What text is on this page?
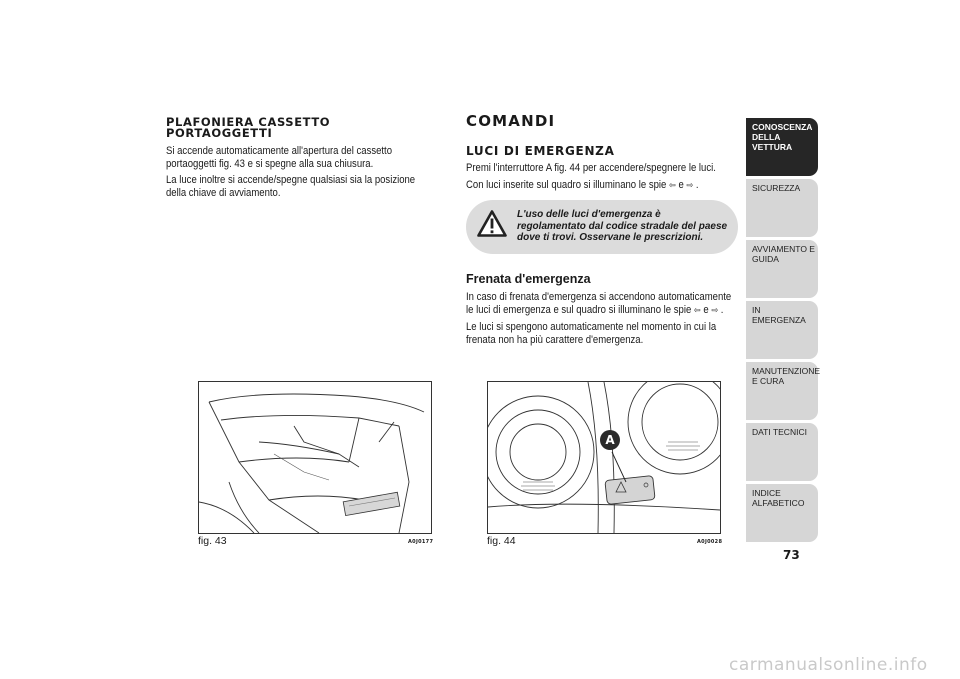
PLAFONIERA CASSETTO
PORTAOGGETTI

Si accende automaticamente all'apertura del cassetto portaoggetti fig. 43 e si spegne alla sua chiusura.

La luce inoltre si accende/spegne qualsiasi sia la posizione della chiave di avviamento.

COMANDI
LUCI DI EMERGENZA

Premi l'interruttore A fig. 44 per accendere/spegnere le luci.

Con luci inserite sul quadro si illuminano le spie ⇦ e ⇨ .

L'uso delle luci d'emergenza è regolamentato dal codice stradale del paese dove ti trovi. Osservane le prescrizioni.
Frenata d'emergenza

In caso di frenata d'emergenza si accendono automaticamente le luci di emergenza e sul quadro si illuminano le spie ⇦ e ⇨ .

Le luci si spengono automaticamente nel momento in cui la frenata non ha più carattere d'emergenza.

fig. 43	A0J0177
A
fig. 44	A0J0028
CONOSCENZA DELLA VETTURA
SICUREZZA
AVVIAMENTO E GUIDA
IN EMERGENZA
MANUTENZIONE E CURA
DATI TECNICI
INDICE ALFABETICO
73
carmanualsonline.info
